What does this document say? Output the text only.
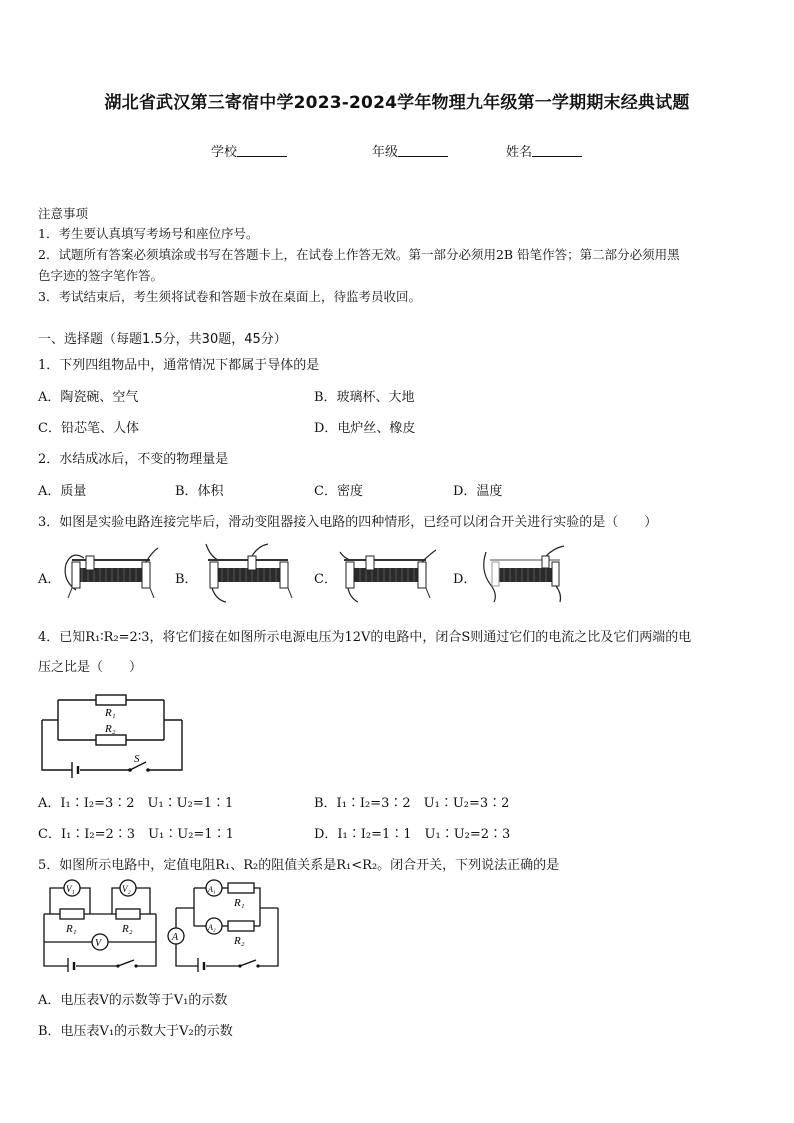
湖北省武汉第三寄宿中学2023-2024学年物理九年级第一学期期末经典试题
学校	年级	姓名
注意事项
1．考生要认真填写考场号和座位序号。
2．试题所有答案必须填涂或书写在答题卡上，在试卷上作答无效。第一部分必须用2B 铅笔作答；第二部分必须用黑
色字迹的签字笔作答。
3．考试结束后，考生须将试卷和答题卡放在桌面上，待监考员收回。
一、选择题（每题1.5分，共30题，45分）
1．下列四组物品中，通常情况下都属于导体的是
A．陶瓷碗、空气	B．玻璃杯、大地
C．铅芯笔、人体	D．电炉丝、橡皮
2．水结成冰后，不变的物理量是
A．质量	B．体积	C．密度	D．温度
3．如图是实验电路连接完毕后，滑动变阻器接入电路的四种情形，已经可以闭合开关进行实验的是（　　）
A．	B．	C．	D．
4．已知R₁∶R₂=2∶3，将它们接在如图所示电源电压为12V的电路中，闭合S则通过它们的电流之比及它们两端的电
压之比是（　　）
R₁
R₂
S
A．I₁∶I₂=3∶2　U₁∶U₂=1∶1	B．I₁∶I₂=3∶2　U₁∶U₂=3∶2
C．I₁∶I₂=2∶3　U₁∶U₂=1∶1	D．I₁∶I₂=1∶1　U₁∶U₂=2∶3
5．如图所示电路中，定值电阻R₁、R₂的阻值关系是R₁<R₂。闭合开关，下列说法正确的是
V₁	V₂
V
R₁	R₂
A
A₁
A₂
R₁
R₂
A．电压表V的示数等于V₁的示数
B．电压表V₁的示数大于V₂的示数
